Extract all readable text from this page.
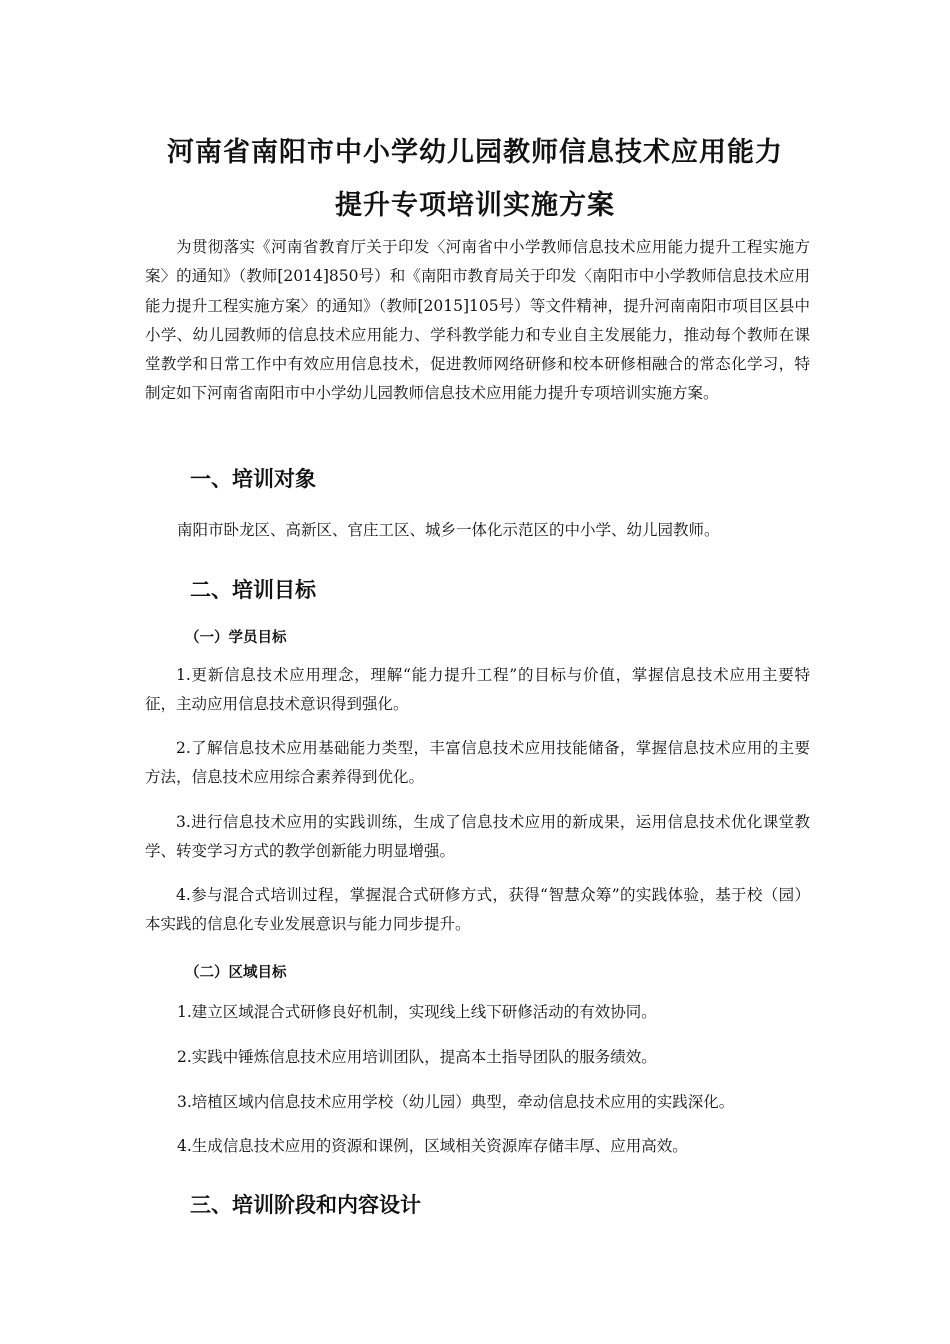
河南省南阳市中小学幼儿园教师信息技术应用能力
提升专项培训实施方案

为贯彻落实《河南省教育厅关于印发〈河南省中小学教师信息技术应用能力提升工程实施方案〉的通知》（教师[2014]850号）和《南阳市教育局关于印发〈南阳市中小学教师信息技术应用能力提升工程实施方案〉的通知》（教师[2015]105号）等文件精神，提升河南南阳市项目区县中小学、幼儿园教师的信息技术应用能力、学科教学能力和专业自主发展能力，推动每个教师在课堂教学和日常工作中有效应用信息技术，促进教师网络研修和校本研修相融合的常态化学习，特制定如下河南省南阳市中小学幼儿园教师信息技术应用能力提升专项培训实施方案。

一、培训对象

南阳市卧龙区、高新区、官庄工区、城乡一体化示范区的中小学、幼儿园教师。

二、培训目标
（一）学员目标

1.更新信息技术应用理念，理解“能力提升工程”的目标与价值，掌握信息技术应用主要特征，主动应用信息技术意识得到强化。

2.了解信息技术应用基础能力类型，丰富信息技术应用技能储备，掌握信息技术应用的主要方法，信息技术应用综合素养得到优化。

3.进行信息技术应用的实践训练，生成了信息技术应用的新成果，运用信息技术优化课堂教学、转变学习方式的教学创新能力明显增强。

4.参与混合式培训过程，掌握混合式研修方式，获得“智慧众筹”的实践体验，基于校（园）本实践的信息化专业发展意识与能力同步提升。

（二）区域目标

1.建立区域混合式研修良好机制，实现线上线下研修活动的有效协同。

2.实践中锤炼信息技术应用培训团队，提高本土指导团队的服务绩效。

3.培植区域内信息技术应用学校（幼儿园）典型，牵动信息技术应用的实践深化。

4.生成信息技术应用的资源和课例，区域相关资源库存储丰厚、应用高效。

三、培训阶段和内容设计
